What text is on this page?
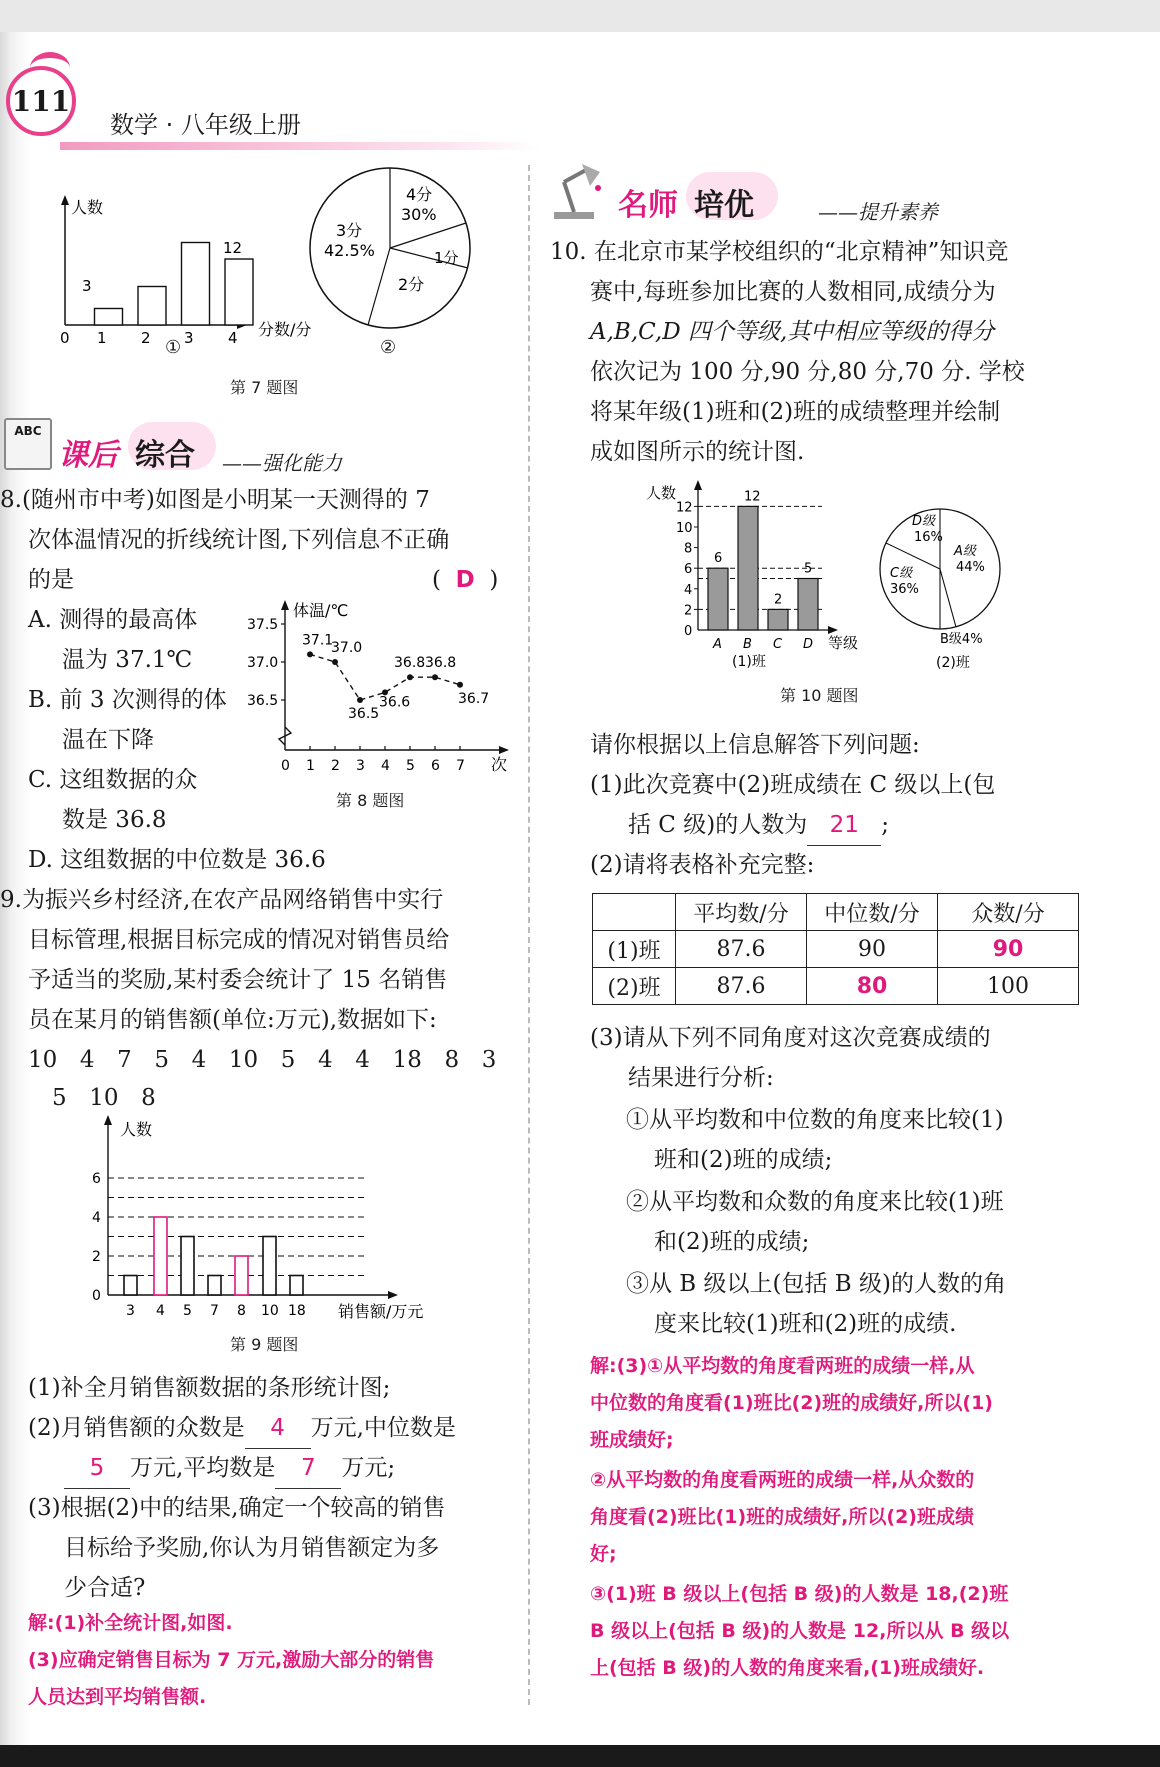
111
数学 · 八年级上册
人数
分数/分
3
12
0 1 2 3 4
①
4分
30%
3分
42.5%	1分
2分
②
第 7 题图
ABC
课后 综合 ——强化能力
8.(随州市中考)如图是小明某一天测得的 7
次体温情况的折线统计图,下列信息不正确
的是	(  D  )
A. 测得的最高体
温为 37.1℃
B. 前 3 次测得的体
温在下降
C. 这组数据的众
数是 36.8
D. 这组数据的中位数是 36.6
体温/℃
次
36.5
37.0
37.5
0 1 2 3 4 5 6 7
37.1
37.0
36.5
36.6
36.8 36.8
36.7
第 8 题图
9.为振兴乡村经济,在农产品网络销售中实行
目标管理,根据目标完成的情况对销售员给
予适当的奖励,某村委会统计了 15 名销售
员在某月的销售额(单位:万元),数据如下:
10  4  7  5  4  10  5  4  4  18  8  3
5  10  8
人数
销售额/万元
0
2
4
6
3 4 5 7 8 10 18
第 9 题图
(1)补全月销售额数据的条形统计图;
(2)月销售额的众数是 4 万元,中位数是
5 万元,平均数是 7 万元;
(3)根据(2)中的结果,确定一个较高的销售
目标给予奖励,你认为月销售额定为多
少合适?
解:(1)补全统计图,如图.
(3)应确定销售目标为 7 万元,激励大部分的销售
人员达到平均销售额.
名师 培优	——提升素养
10. 在北京市某学校组织的“北京精神”知识竞
赛中,每班参加比赛的人数相同,成绩分为
A,B,C,D 四个等级,其中相应等级的得分
依次记为 100 分,90 分,80 分,70 分. 学校
将某年级(1)班和(2)班的成绩整理并绘制
成如图所示的统计图.
人数
等级
(1)班
2
4
6
8
10
12
0
6
A
12
B
2
C
5
D
D级
16%
A级
44%
C级
36%
B级4%
(2)班
第 10 题图
请你根据以上信息解答下列问题:
(1)此次竞赛中(2)班成绩在 C 级以上(包
括 C 级)的人数为 21 ;
(2)请将表格补充完整:
	平均数/分	中位数/分	众数/分
(1)班	87.6	90	90
(2)班	87.6	80	100
(3)请从下列不同角度对这次竞赛成绩的
结果进行分析:
①从平均数和中位数的角度来比较(1)
班和(2)班的成绩;
②从平均数和众数的角度来比较(1)班
和(2)班的成绩;
③从 B 级以上(包括 B 级)的人数的角
度来比较(1)班和(2)班的成绩.
解:(3)①从平均数的角度看两班的成绩一样,从
中位数的角度看(1)班比(2)班的成绩好,所以(1)
班成绩好;
②从平均数的角度看两班的成绩一样,从众数的
角度看(2)班比(1)班的成绩好,所以(2)班成绩
好;
③(1)班 B 级以上(包括 B 级)的人数是 18,(2)班
B 级以上(包括 B 级)的人数是 12,所以从 B 级以
上(包括 B 级)的人数的角度来看,(1)班成绩好.
